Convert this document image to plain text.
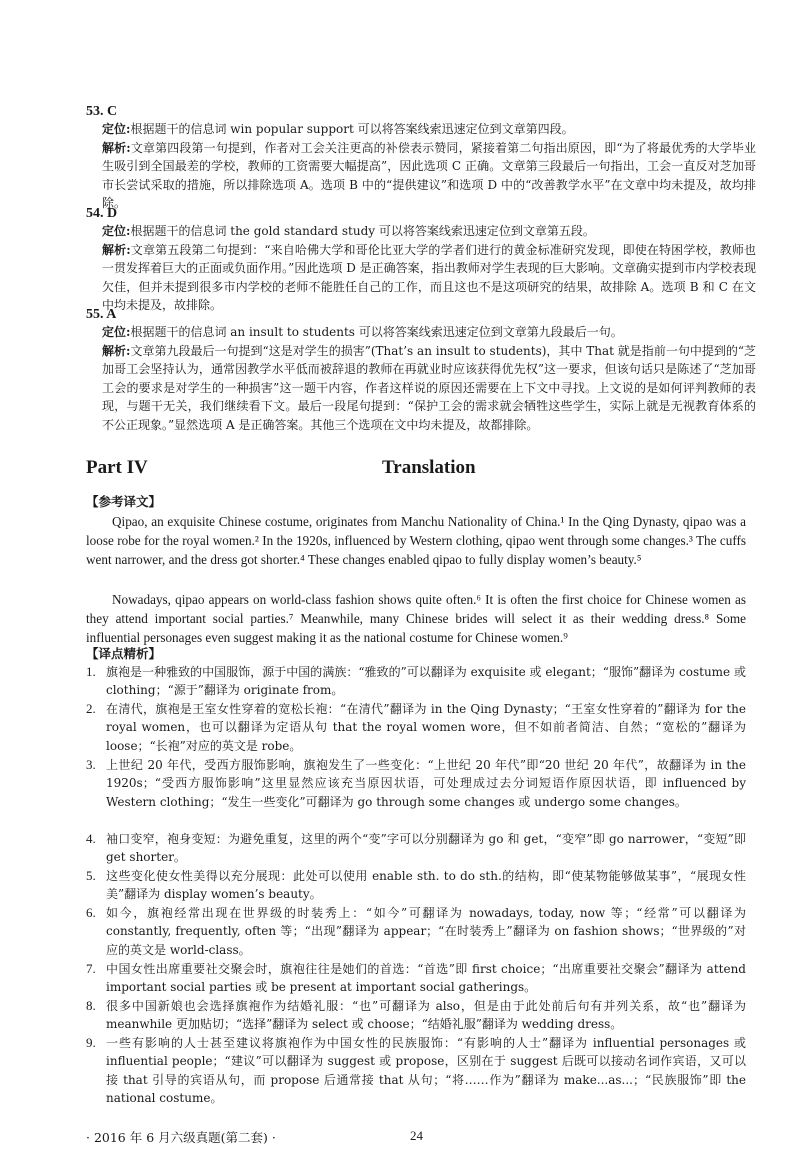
53. C
定位:根据题干的信息词 win popular support 可以将答案线索迅速定位到文章第四段。
解析:文章第四段第一句提到，作者对工会关注更高的补偿表示赞同，紧接着第二句指出原因，即“为了将最优秀的大学毕业生吸引到全国最差的学校，教师的工资需要大幅提高”，因此选项 C 正确。文章第三段最后一句指出，工会一直反对芝加哥市长尝试采取的措施，所以排除选项 A。选项 B 中的“提供建议”和选项 D 中的“改善教学水平”在文章中均未提及，故均排除。
54. D
定位:根据题干的信息词 the gold standard study 可以将答案线索迅速定位到文章第五段。
解析:文章第五段第二句提到：“来自哈佛大学和哥伦比亚大学的学者们进行的黄金标准研究发现，即使在特困学校，教师也一贯发挥着巨大的正面或负面作用。”因此选项 D 是正确答案，指出教师对学生表现的巨大影响。文章确实提到市内学校表现欠佳，但并未提到很多市内学校的老师不能胜任自己的工作，而且这也不是这项研究的结果，故排除 A。选项 B 和 C 在文中均未提及，故排除。
55. A
定位:根据题干的信息词 an insult to students 可以将答案线索迅速定位到文章第九段最后一句。
解析:文章第九段最后一句提到“这是对学生的损害”(That’s an insult to students)，其中 That 就是指前一句中提到的“芝加哥工会坚持认为，通常因教学水平低而被辞退的教师在再就业时应该获得优先权”这一要求，但该句话只是陈述了“芝加哥工会的要求是对学生的一种损害”这一题干内容，作者这样说的原因还需要在上下文中寻找。上文说的是如何评判教师的表现，与题干无关，我们继续看下文。最后一段尾句提到：“保护工会的需求就会牺牲这些学生，实际上就是无视教育体系的不公正现象。”显然选项 A 是正确答案。其他三个选项在文中均未提及，故都排除。
Part IV	Translation
【参考译文】
Qipao, an exquisite Chinese costume, originates from Manchu Nationality of China.¹ In the Qing Dynasty, qipao was a loose robe for the royal women.² In the 1920s, influenced by Western clothing, qipao went through some changes.³ The cuffs went narrower, and the dress got shorter.⁴ These changes enabled qipao to fully display women’s beauty.⁵
Nowadays, qipao appears on world-class fashion shows quite often.⁶ It is often the first choice for Chinese women as they attend important social parties.⁷ Meanwhile, many Chinese brides will select it as their wedding dress.⁸ Some influential personages even suggest making it as the national costume for Chinese women.⁹
【译点精析】
1. 旗袍是一种雅致的中国服饰，源于中国的满族：“雅致的”可以翻译为 exquisite 或 elegant；“服饰”翻译为 costume 或 clothing；“源于”翻译为 originate from。
2. 在清代，旗袍是王室女性穿着的宽松长袍：“在清代”翻译为 in the Qing Dynasty；“王室女性穿着的”翻译为 for the royal women，也可以翻译为定语从句 that the royal women wore，但不如前者简洁、自然；“宽松的”翻译为 loose；“长袍”对应的英文是 robe。
3. 上世纪 20 年代，受西方服饰影响，旗袍发生了一些变化：“上世纪 20 年代”即“20 世纪 20 年代”，故翻译为 in the 1920s；“受西方服饰影响”这里显然应该充当原因状语，可处理成过去分词短语作原因状语，即 influenced by Western clothing；“发生一些变化”可翻译为 go through some changes 或 undergo some changes。
4. 袖口变窄，袍身变短：为避免重复，这里的两个“变”字可以分别翻译为 go 和 get，“变窄”即 go narrower，“变短”即 get shorter。
5. 这些变化使女性美得以充分展现：此处可以使用 enable sth. to do sth.的结构，即“使某物能够做某事”，“展现女性美”翻译为 display women’s beauty。
6. 如今，旗袍经常出现在世界级的时装秀上：“如今”可翻译为 nowadays, today, now 等；“经常”可以翻译为 constantly, frequently, often 等；“出现”翻译为 appear；“在时装秀上”翻译为 on fashion shows；“世界级的”对应的英文是 world-class。
7. 中国女性出席重要社交聚会时，旗袍往往是她们的首选：“首选”即 first choice；“出席重要社交聚会”翻译为 attend important social parties 或 be present at important social gatherings。
8. 很多中国新娘也会选择旗袍作为结婚礼服：“也”可翻译为 also，但是由于此处前后句有并列关系，故“也”翻译为 meanwhile 更加贴切；“选择”翻译为 select 或 choose；“结婚礼服”翻译为 wedding dress。
9. 一些有影响的人士甚至建议将旗袍作为中国女性的民族服饰：“有影响的人士”翻译为 influential personages 或 influential people；“建议”可以翻译为 suggest 或 propose，区别在于 suggest 后既可以接动名词作宾语，又可以接 that 引导的宾语从句，而 propose 后通常接 that 从句；“将……作为”翻译为 make...as...；“民族服饰”即 the national costume。
· 2016 年 6 月六级真题(第二套) ·	24
